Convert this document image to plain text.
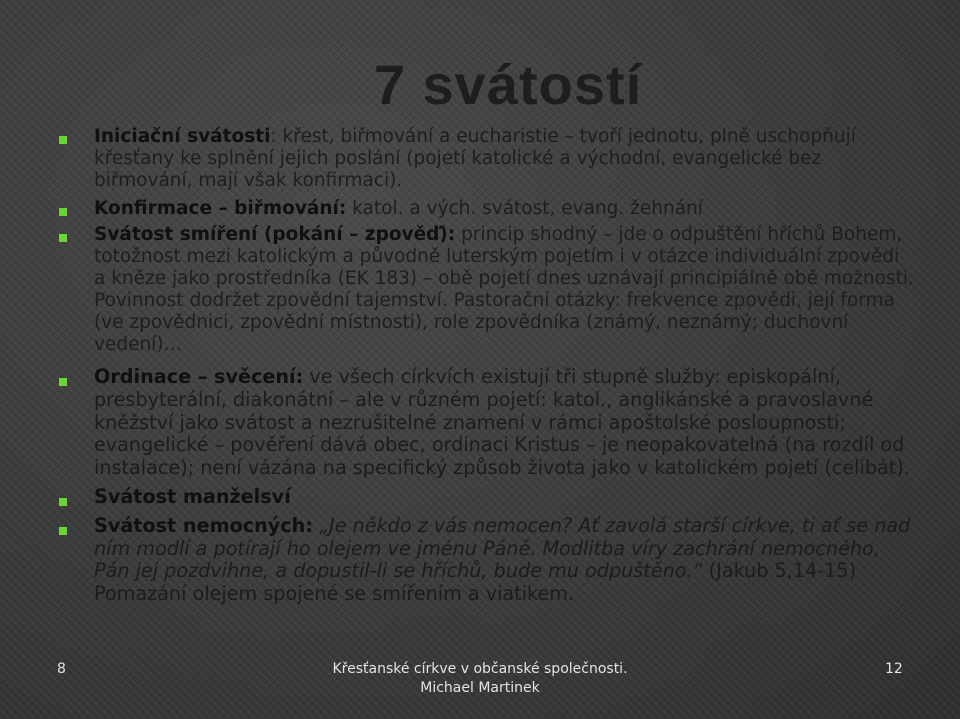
7 svátostí
Iniciační svátosti: křest, biřmování a eucharistie – tvoří jednotu, plně uschopňují křesťany ke splnění jejich poslání (pojetí katolické a východní, evangelické bez biřmování, mají však konfirmaci).
Konfirmace – biřmování: katol. a vých. svátost, evang. žehnání
Svátost smíření (pokání – zpověď): princip shodný – jde o odpuštění hříchů Bohem, totožnost mezi katolickým a původně luterským pojetím i v otázce individuální zpovědi a kněze jako prostředníka (EK 183) – obě pojetí dnes uznávají principiálně obě možnosti. Povinnost dodržet zpovědní tajemství. Pastorační otázky: frekvence zpovědi, její forma (ve zpovědnici, zpovědní místnosti), role zpovědníka (známý, neznámý; duchovní vedení)…
Ordinace – svěcení: ve všech církvích existují tři stupně služby: episkopální, presbyterální, diakonátní – ale v různém pojetí: katol., anglikánské a pravoslavné kněžství jako svátost a nezrušitelné znamení v rámci apoštolské posloupnosti; evangelické – pověření dává obec, ordinaci Kristus – je neopakovatelná (na rozdíl od instalace); není vázána na specifický způsob života jako v katolickém pojetí (celibát).
Svátost manželsví
Svátost nemocných: „Je někdo z vás nemocen? Ať zavolá starší církve, ti ať se nad ním modlí a potírají ho olejem ve jménu Páně. Modlitba víry zachrání nemocného, Pán jej pozdvihne, a dopustil-li se hříchů, bude mu odpuštěno.“ (Jakub 5,14-15) Pomazání olejem spojené se smířením a viatikem.
8	Křesťanské církve v občanské společnosti.
Michael Martinek
12
